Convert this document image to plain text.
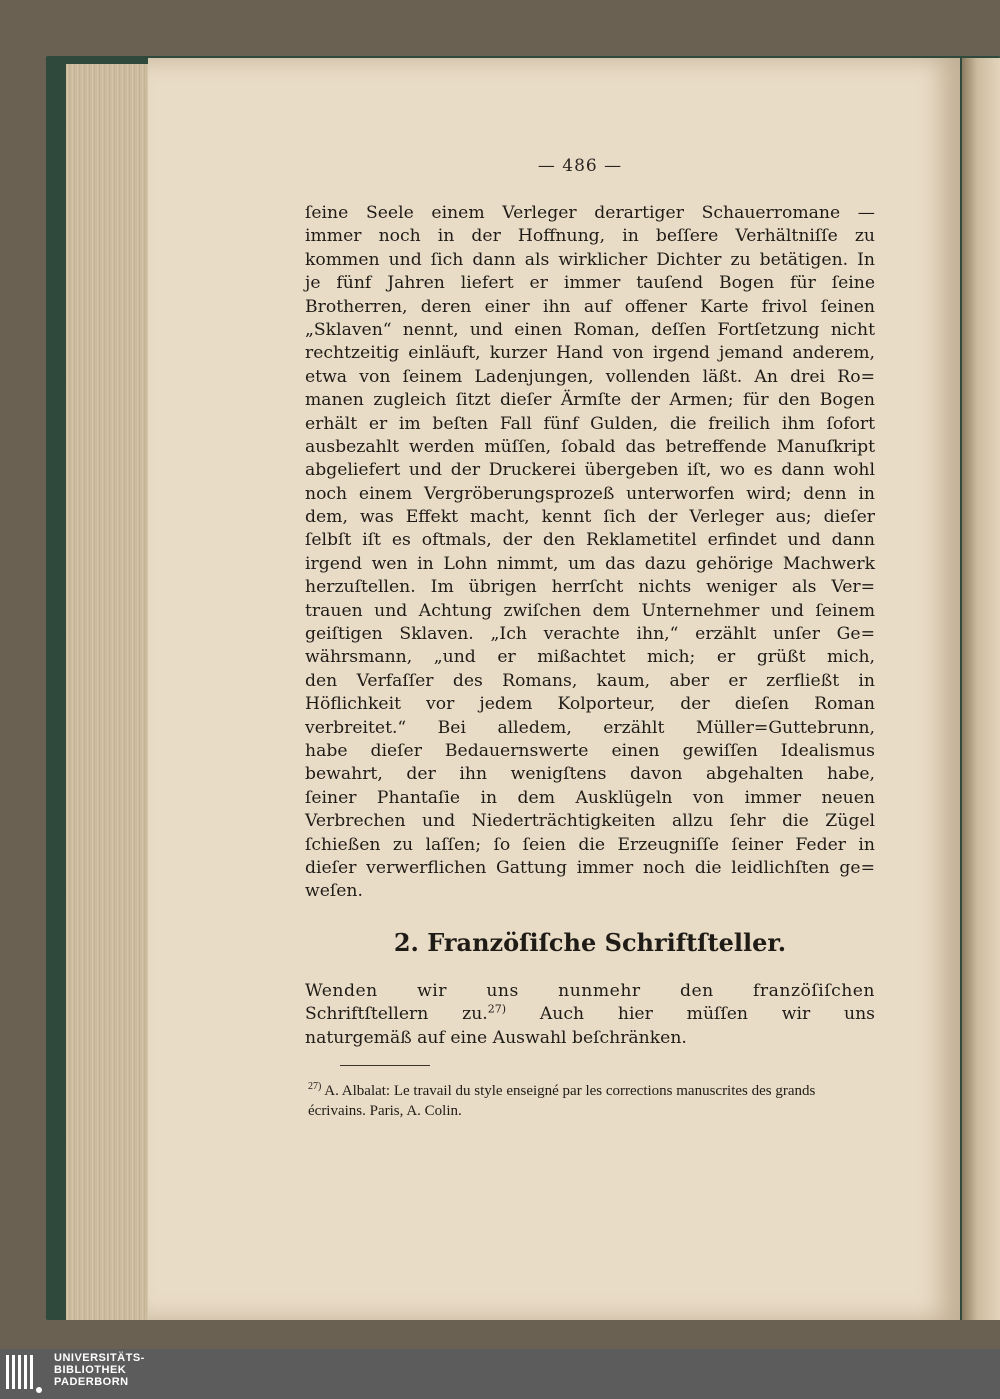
— 486 —
ſeine Seele einem Verleger derartiger Schauerromane —
immer noch in der Hoffnung, in beſſere Verhältniſſe zu
kommen und ſich dann als wirklicher Dichter zu betätigen. In
je fünf Jahren liefert er immer tauſend Bogen für ſeine
Brotherren, deren einer ihn auf offener Karte frivol ſeinen
„Sklaven“ nennt, und einen Roman, deſſen Fortſetzung nicht
rechtzeitig einläuft, kurzer Hand von irgend jemand anderem,
etwa von ſeinem Ladenjungen, vollenden läßt. An drei Ro=
manen zugleich ſitzt dieſer Ärmſte der Armen; für den Bogen
erhält er im beſten Fall fünf Gulden, die freilich ihm ſofort
ausbezahlt werden müſſen, ſobald das betreffende Manuſkript
abgeliefert und der Druckerei übergeben iſt, wo es dann wohl
noch einem Vergröberungsprozeß unterworfen wird; denn in
dem, was Effekt macht, kennt ſich der Verleger aus; dieſer
ſelbſt iſt es oftmals, der den Reklametitel erfindet und dann
irgend wen in Lohn nimmt, um das dazu gehörige Machwerk
herzuſtellen. Im übrigen herrſcht nichts weniger als Ver=
trauen und Achtung zwiſchen dem Unternehmer und ſeinem
geiſtigen Sklaven. „Ich verachte ihn,“ erzählt unſer Ge=
währsmann, „und er mißachtet mich; er grüßt mich,
den Verfaſſer des Romans, kaum, aber er zerfließt in
Höflichkeit vor jedem Kolporteur, der dieſen Roman
verbreitet.“ Bei alledem, erzählt Müller=Guttebrunn,
habe dieſer Bedauernswerte einen gewiſſen Idealismus
bewahrt, der ihn wenigſtens davon abgehalten habe,
ſeiner Phantaſie in dem Ausklügeln von immer neuen
Verbrechen und Niederträchtigkeiten allzu ſehr die Zügel
ſchießen zu laſſen; ſo ſeien die Erzeugniſſe ſeiner Feder in
dieſer verwerflichen Gattung immer noch die leidlichſten ge=
weſen.
2. Franzöſiſche Schriftſteller.
Wenden wir uns nunmehr den franzöſiſchen
Schriftſtellern zu.$^{27)}$ Auch hier müſſen wir uns
naturgemäß auf eine Auswahl beſchränken.
$^{27)}$ A. Albalat: Le travail du style enseigné par les corrections manuscrites des grands écrivains. Paris, A. Colin.
UNIVERSITÄTS-
BIBLIOTHEK
PADERBORN
